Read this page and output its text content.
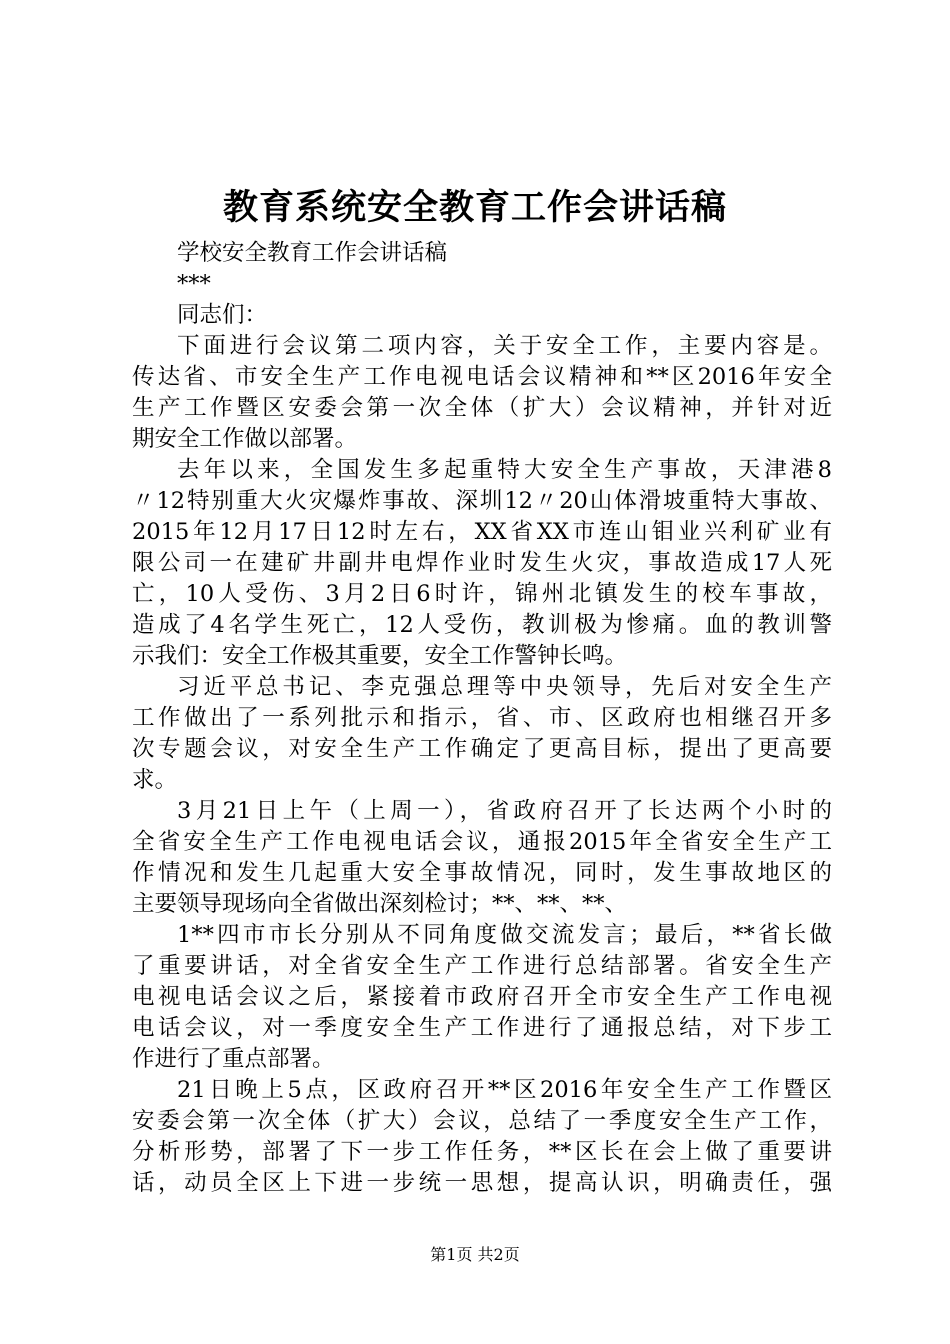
教育系统安全教育工作会讲话稿
学校安全教育工作会讲话稿
***
同志们：
下面进行会议第二项内容，关于安全工作，主要内容是。
传达省、市安全生产工作电视电话会议精神和**区2016年安全
生产工作暨区安委会第一次全体（扩大）会议精神，并针对近
期安全工作做以部署。
去年以来，全国发生多起重特大安全生产事故，天津港8
〃12特别重大火灾爆炸事故、深圳12〃20山体滑坡重特大事故、
2015年12月17日12时左右，XX省XX市连山钼业兴利矿业有
限公司一在建矿井副井电焊作业时发生火灾，事故造成17人死
亡，10人受伤、3月2日6时许，锦州北镇发生的校车事故，
造成了4名学生死亡，12人受伤，教训极为惨痛。血的教训警
示我们：安全工作极其重要，安全工作警钟长鸣。
习近平总书记、李克强总理等中央领导，先后对安全生产
工作做出了一系列批示和指示，省、市、区政府也相继召开多
次专题会议，对安全生产工作确定了更高目标，提出了更高要
求。
3月21日上午（上周一），省政府召开了长达两个小时的
全省安全生产工作电视电话会议，通报2015年全省安全生产工
作情况和发生几起重大安全事故情况，同时，发生事故地区的
主要领导现场向全省做出深刻检讨；**、**、**、
1**四市市长分别从不同角度做交流发言；最后，**省长做
了重要讲话，对全省安全生产工作进行总结部署。省安全生产
电视电话会议之后，紧接着市政府召开全市安全生产工作电视
电话会议，对一季度安全生产工作进行了通报总结，对下步工
作进行了重点部署。
21日晚上5点，区政府召开**区2016年安全生产工作暨区
安委会第一次全体（扩大）会议，总结了一季度安全生产工作，
分析形势，部署了下一步工作任务，**区长在会上做了重要讲
话，动员全区上下进一步统一思想，提高认识，明确责任，强
第1页 共2页
